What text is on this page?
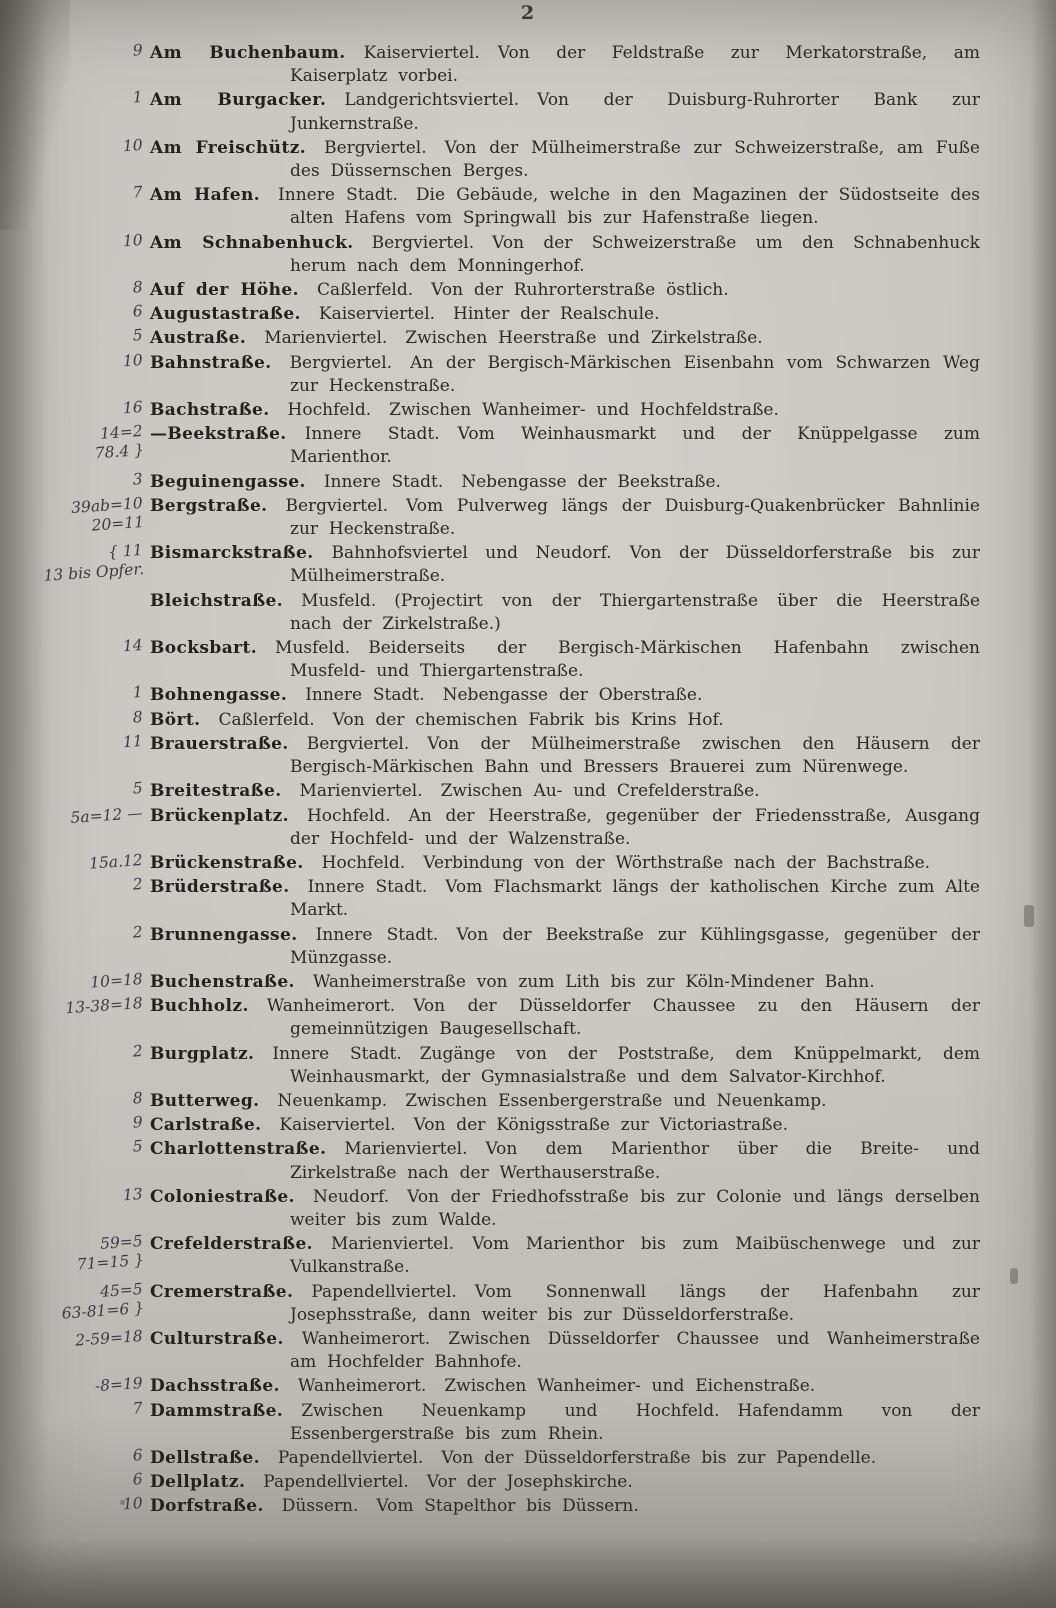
2
9 Am Buchenbaum. Kaiserviertel. Von der Feldstraße zur Merkatorstraße, am Kaiserplatz vorbei.
1 Am Burgacker. Landgerichtsviertel. Von der Duisburg-Ruhrorter Bank zur Junkernstraße.
10 Am Freischütz. Bergviertel. Von der Mülheimerstraße zur Schweizerstraße, am Fuße des Düssernschen Berges.
7 Am Hafen. Innere Stadt. Die Gebäude, welche in den Magazinen der Südostseite des alten Hafens vom Springwall bis zur Hafenstraße liegen.
10 Am Schnabenhuck. Bergviertel. Von der Schweizerstraße um den Schnabenhuck herum nach dem Monningerhof.
8 Auf der Höhe. Caßlerfeld. Von der Ruhrorterstraße östlich.
6 Augustastraße. Kaiserviertel. Hinter der Realschule.
5 Austraße. Marienviertel. Zwischen Heerstraße und Zirkelstraße.
10 Bahnstraße. Bergviertel. An der Bergisch-Märkischen Eisenbahn vom Schwarzen Weg zur Heckenstraße.
16 Bachstraße. Hochfeld. Zwischen Wanheimer- und Hochfeldstraße.
14=2
78.4 }
—Beekstraße. Innere Stadt. Vom Weinhausmarkt und der Knüppelgasse zum Marienthor.
3 Beguinengasse. Innere Stadt. Nebengasse der Beekstraße.
39ab=10
20=11
Bergstraße. Bergviertel. Vom Pulverweg längs der Duisburg-Quakenbrücker Bahnlinie zur Heckenstraße.
{ 11
13 bis Opfer.
Bismarckstraße. Bahnhofsviertel und Neudorf. Von der Düsseldorferstraße bis zur Mülheimerstraße.
Bleichstraße. Musfeld. (Projectirt von der Thiergartenstraße über die Heerstraße nach der Zirkelstraße.)
14 Bocksbart. Musfeld. Beiderseits der Bergisch-Märkischen Hafenbahn zwischen Musfeld- und Thiergartenstraße.
1 Bohnengasse. Innere Stadt. Nebengasse der Oberstraße.
8 Bört. Caßlerfeld. Von der chemischen Fabrik bis Krins Hof.
11 Brauerstraße. Bergviertel. Von der Mülheimerstraße zwischen den Häusern der Bergisch-Märkischen Bahn und Bressers Brauerei zum Nürenwege.
5 Breitestraße. Marienviertel. Zwischen Au- und Crefelderstraße.
5a=12 — Brückenplatz. Hochfeld. An der Heerstraße, gegenüber der Friedensstraße, Ausgang der Hochfeld- und der Walzenstraße.
15a.12 Brückenstraße. Hochfeld. Verbindung von der Wörthstraße nach der Bachstraße.
2 Brüderstraße. Innere Stadt. Vom Flachsmarkt längs der katholischen Kirche zum Alte Markt.
2 Brunnengasse. Innere Stadt. Von der Beekstraße zur Kühlingsgasse, gegenüber der Münzgasse.
10=18 Buchenstraße. Wanheimerstraße von zum Lith bis zur Köln-Mindener Bahn.
13-38=18 Buchholz. Wanheimerort. Von der Düsseldorfer Chaussee zu den Häusern der gemeinnützigen Baugesellschaft.
2 Burgplatz. Innere Stadt. Zugänge von der Poststraße, dem Knüppelmarkt, dem Weinhausmarkt, der Gymnasialstraße und dem Salvator-Kirchhof.
8 Butterweg. Neuenkamp. Zwischen Essenbergerstraße und Neuenkamp.
9 Carlstraße. Kaiserviertel. Von der Königsstraße zur Victoriastraße.
5 Charlottenstraße. Marienviertel. Von dem Marienthor über die Breite- und Zirkelstraße nach der Werthauserstraße.
13 Coloniestraße. Neudorf. Von der Friedhofsstraße bis zur Colonie und längs derselben weiter bis zum Walde.
59=5
71=15 }
Crefelderstraße. Marienviertel. Vom Marienthor bis zum Maibüschenwege und zur Vulkanstraße.
45=5
63-81=6 }
Cremerstraße. Papendellviertel. Vom Sonnenwall längs der Hafenbahn zur Josephsstraße, dann weiter bis zur Düsseldorferstraße.
2-59=18 Culturstraße. Wanheimerort. Zwischen Düsseldorfer Chaussee und Wanheimerstraße am Hochfelder Bahnhofe.
-8=19 Dachsstraße. Wanheimerort. Zwischen Wanheimer- und Eichenstraße.
7 Dammstraße. Zwischen Neuenkamp und Hochfeld. Hafendamm von der Essenbergerstraße bis zum Rhein.
6 Dellstraße. Papendellviertel. Von der Düsseldorferstraße bis zur Papendelle.
6 Dellplatz. Papendellviertel. Vor der Josephskirche.
10 Dorfstraße. Düssern. Vom Stapelthor bis Düssern.
